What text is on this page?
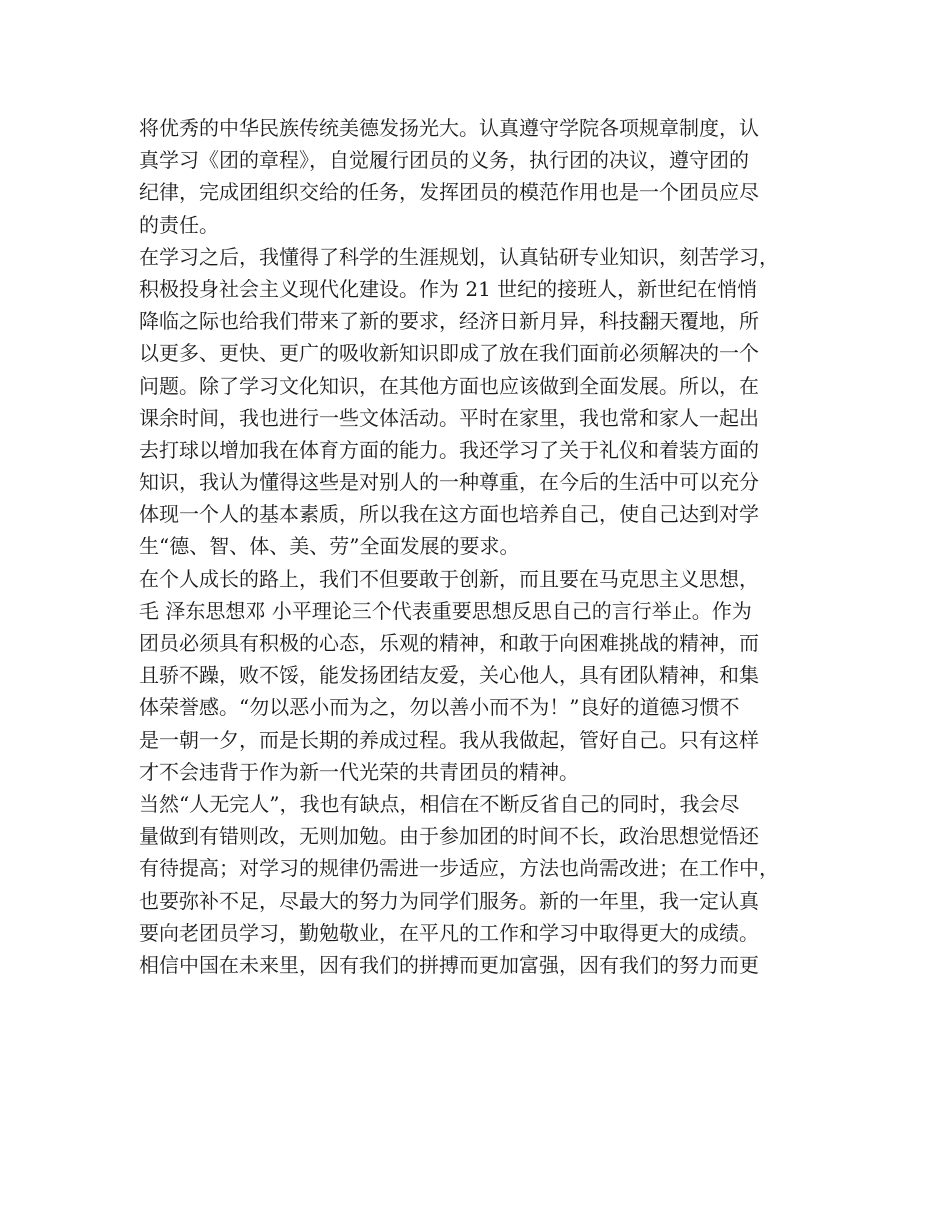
将优秀的中华民族传统美德发扬光大。认真遵守学院各项规章制度，认
真学习《团的章程》，自觉履行团员的义务，执行团的决议，遵守团的
纪律，完成团组织交给的任务，发挥团员的模范作用也是一个团员应尽
的责任。
在学习之后，我懂得了科学的生涯规划，认真钻研专业知识，刻苦学习，
积极投身社会主义现代化建设。作为 21 世纪的接班人，新世纪在悄悄
降临之际也给我们带来了新的要求，经济日新月异，科技翻天覆地，所
以更多、更快、更广的吸收新知识即成了放在我们面前必须解决的一个
问题。除了学习文化知识，在其他方面也应该做到全面发展。所以，在
课余时间，我也进行一些文体活动。平时在家里，我也常和家人一起出
去打球以增加我在体育方面的能力。我还学习了关于礼仪和着装方面的
知识，我认为懂得这些是对别人的一种尊重，在今后的生活中可以充分
体现一个人的基本素质，所以我在这方面也培养自己，使自己达到对学
生“德、智、体、美、劳”全面发展的要求。
在个人成长的路上，我们不但要敢于创新，而且要在马克思主义思想，
毛 泽东思想邓 小平理论三个代表重要思想反思自己的言行举止。作为
团员必须具有积极的心态，乐观的精神，和敢于向困难挑战的精神，而
且骄不躁，败不馁，能发扬团结友爱，关心他人，具有团队精神，和集
体荣誉感。“勿以恶小而为之，勿以善小而不为！”良好的道德习惯不
是一朝一夕，而是长期的养成过程。我从我做起，管好自己。只有这样
才不会违背于作为新一代光荣的共青团员的精神。
当然“人无完人”，我也有缺点，相信在不断反省自己的同时，我会尽
量做到有错则改，无则加勉。由于参加团的时间不长，政治思想觉悟还
有待提高；对学习的规律仍需进一步适应，方法也尚需改进；在工作中，
也要弥补不足，尽最大的努力为同学们服务。新的一年里，我一定认真
要向老团员学习，勤勉敬业，在平凡的工作和学习中取得更大的成绩。
相信中国在未来里，因有我们的拼搏而更加富强，因有我们的努力而更
